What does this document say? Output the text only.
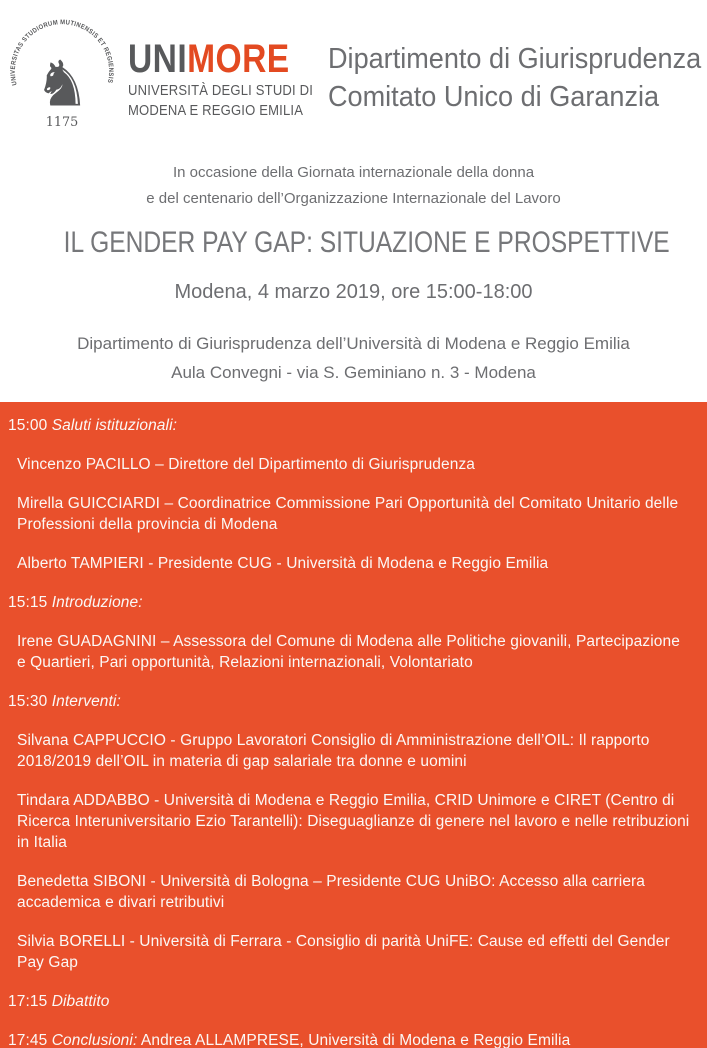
UNIVERSITAS STUDIORUM MUTINENSIS ET REGIENSIS
♞
1175
UNIMORE
UNIVERSITÀ DEGLI STUDI DI
MODENA E REGGIO EMILIA
Dipartimento di Giurisprudenza
Comitato Unico di Garanzia
In occasione della Giornata internazionale della donna
e del centenario dell’Organizzazione Internazionale del Lavoro
IL GENDER PAY GAP: SITUAZIONE E PROSPETTIVE
Modena, 4 marzo 2019, ore 15:00-18:00
Dipartimento di Giurisprudenza dell’Università di Modena e Reggio Emilia
Aula Convegni - via S. Geminiano n. 3 - Modena
15:00 Saluti istituzionali:
Vincenzo PACILLO – Direttore del Dipartimento di Giurisprudenza
Mirella GUICCIARDI – Coordinatrice Commissione Pari Opportunità del Comitato Unitario delle Professioni della provincia di Modena
Alberto TAMPIERI - Presidente CUG - Università di Modena e Reggio Emilia
15:15 Introduzione:
Irene GUADAGNINI – Assessora del Comune di Modena alle Politiche giovanili, Partecipazione e Quartieri, Pari opportunità, Relazioni internazionali, Volontariato
15:30 Interventi:
Silvana CAPPUCCIO - Gruppo Lavoratori Consiglio di Amministrazione dell’OIL: Il rapporto 2018/2019 dell’OIL in materia di gap salariale tra donne e uomini
Tindara ADDABBO - Università di Modena e Reggio Emilia, CRID Unimore e CIRET (Centro di Ricerca Interuniversitario Ezio Tarantelli): Diseguaglianze di genere nel lavoro e nelle retribuzioni in Italia
Benedetta SIBONI - Università di Bologna – Presidente CUG UniBO: Accesso alla carriera accademica e divari retributivi
Silvia BORELLI - Università di Ferrara - Consiglio di parità UniFE: Cause ed effetti del Gender Pay Gap
17:15 Dibattito
17:45 Conclusioni: Andrea ALLAMPRESE, Università di Modena e Reggio Emilia
